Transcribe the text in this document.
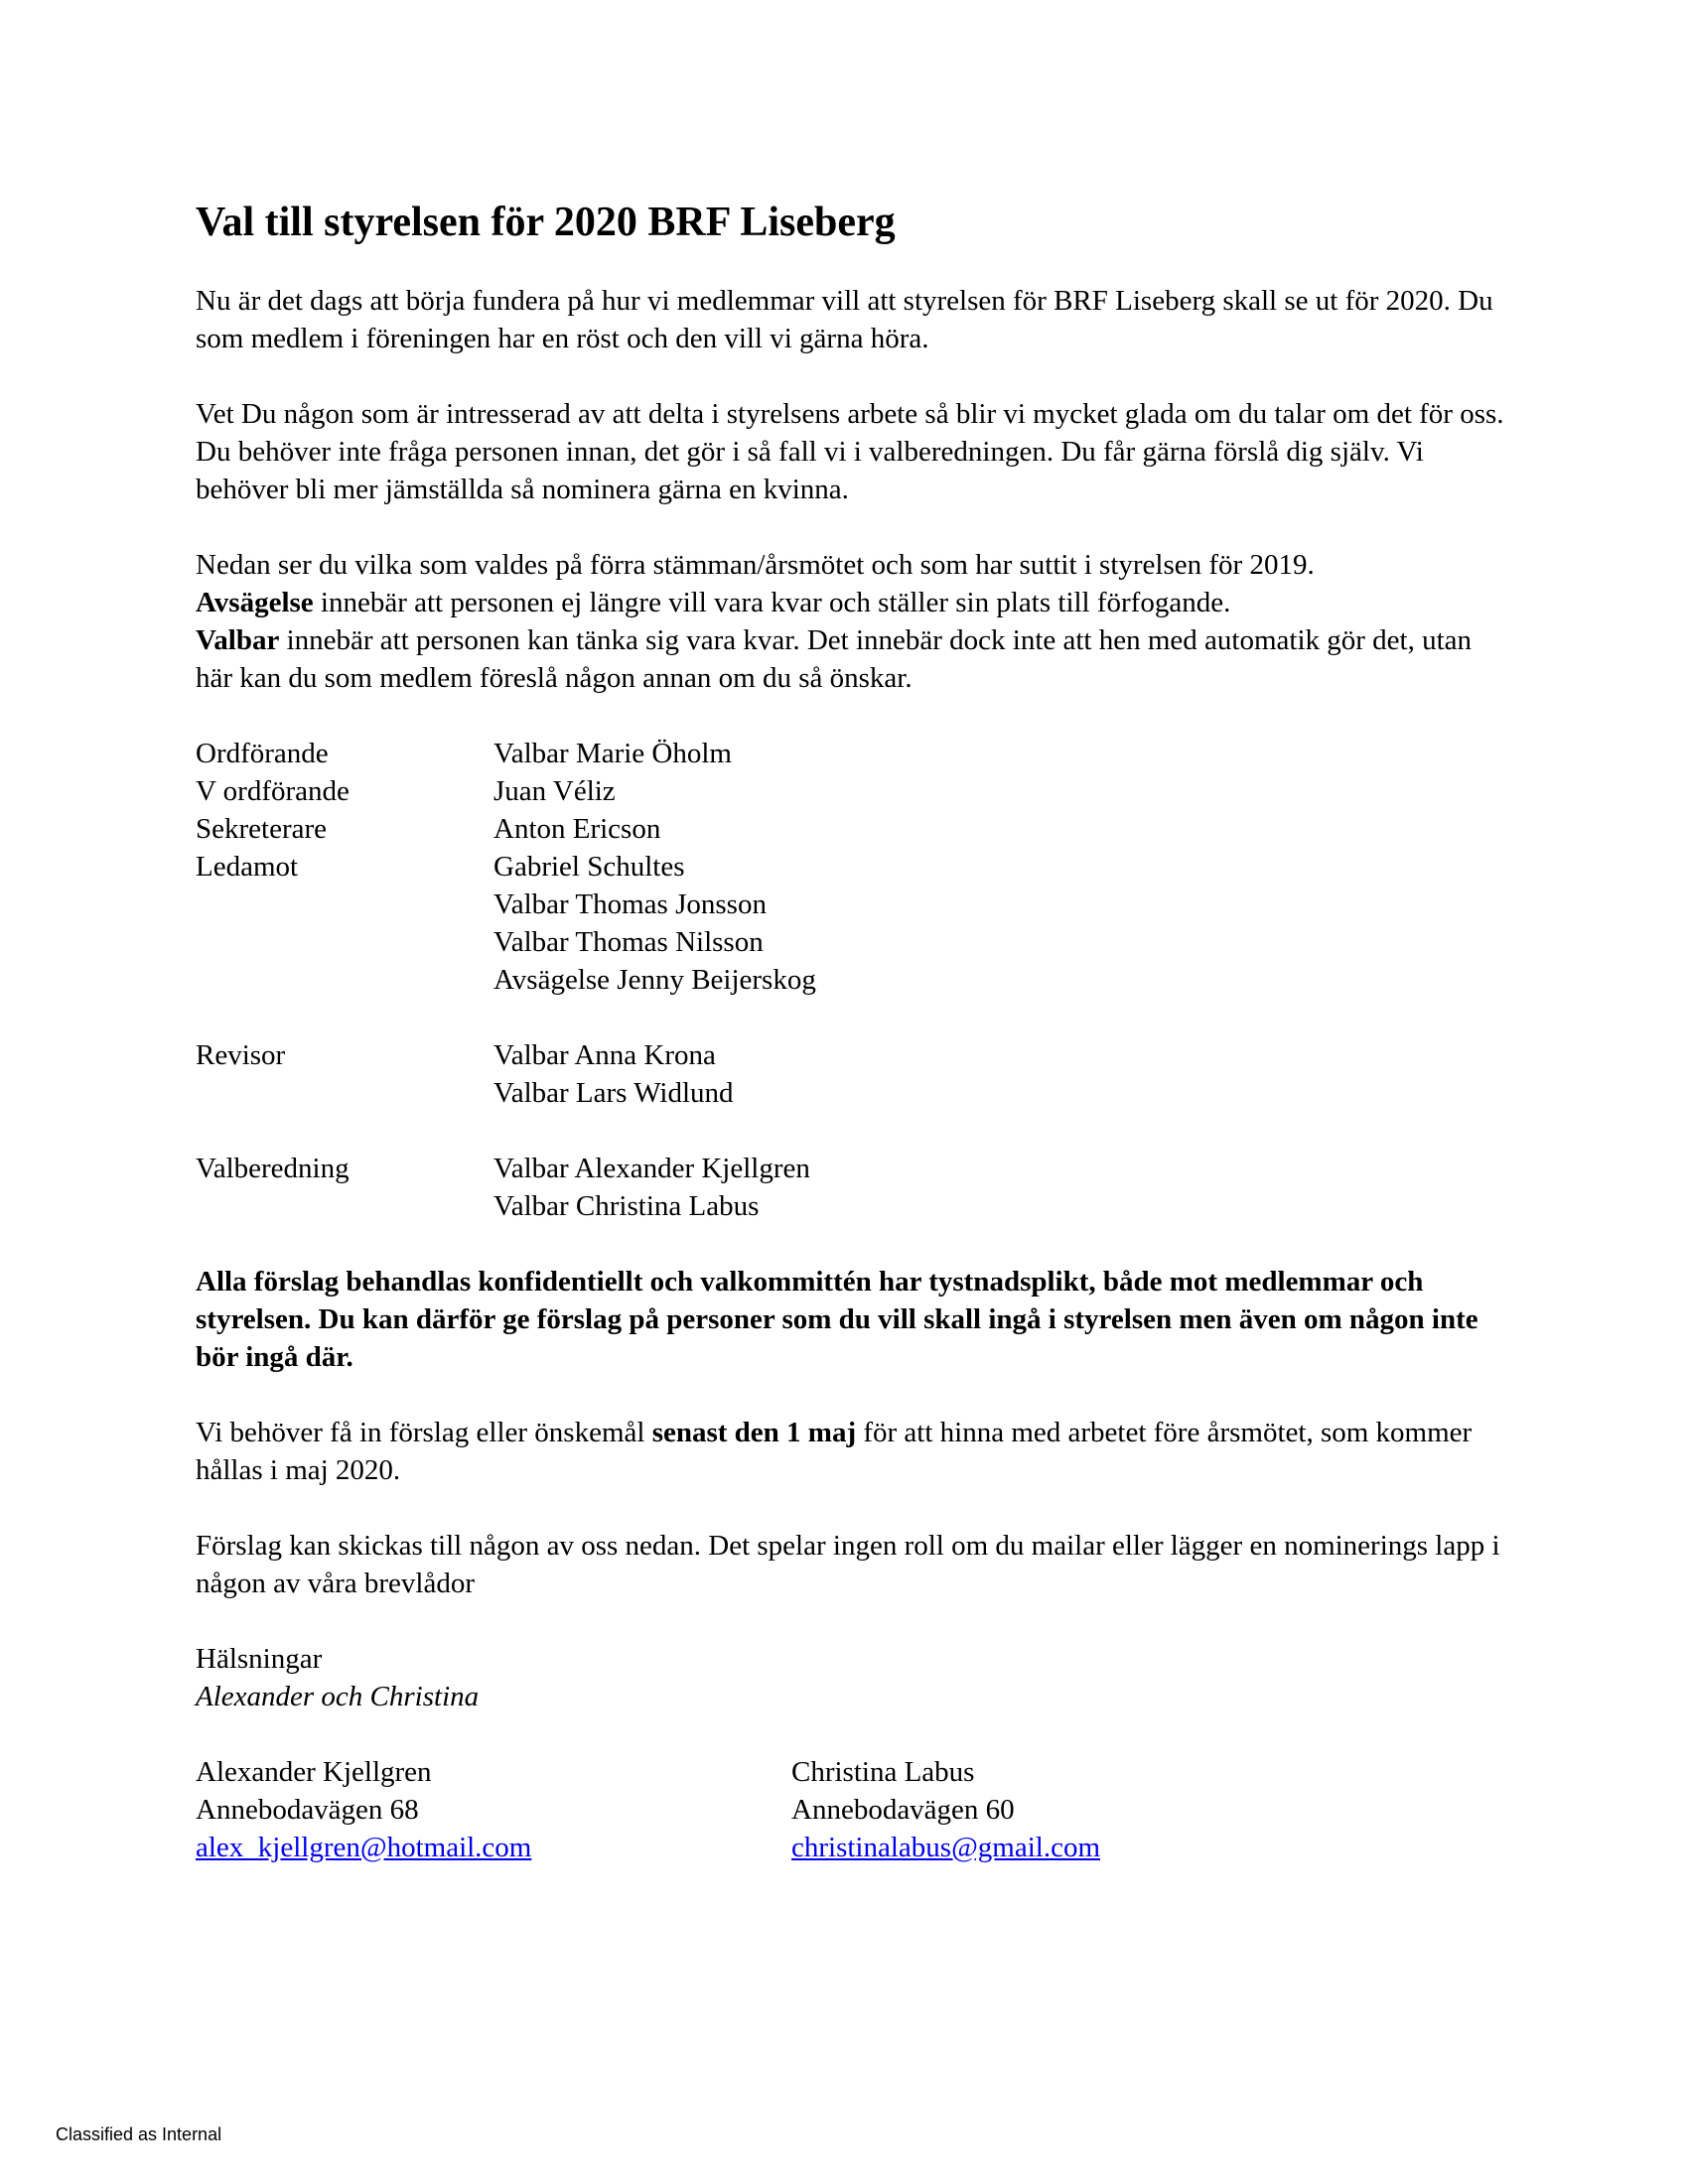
Val till styrelsen för 2020 BRF Liseberg

Nu är det dags att börja fundera på hur vi medlemmar vill att styrelsen för BRF Liseberg skall se ut för 2020. Du som medlem i föreningen har en röst och den vill vi gärna höra.

Vet Du någon som är intresserad av att delta i styrelsens arbete så blir vi mycket glada om du talar om det för oss. Du behöver inte fråga personen innan, det gör i så fall vi i valberedningen. Du får gärna förslå dig själv. Vi behöver bli mer jämställda så nominera gärna en kvinna.

Nedan ser du vilka som valdes på förra stämman/årsmötet och som har suttit i styrelsen för 2019.
Avsägelse innebär att personen ej längre vill vara kvar och ställer sin plats till förfogande.
Valbar innebär att personen kan tänka sig vara kvar. Det innebär dock inte att hen med automatik gör det, utan här kan du som medlem föreslå någon annan om du så önskar.

Ordförande
V ordförande
Sekreterare
Ledamot
Valbar Marie Öholm
Juan Véliz
Anton Ericson
Gabriel Schultes
Valbar Thomas Jonsson
Valbar Thomas Nilsson
Avsägelse Jenny Beijerskog
Revisor	Valbar Anna Krona
Valbar Lars Widlund
Valberedning	Valbar Alexander Kjellgren
Valbar Christina Labus

Alla förslag behandlas konfidentiellt och valkommittén har tystnadsplikt, både mot medlemmar och styrelsen. Du kan därför ge förslag på personer som du vill skall ingå i styrelsen men även om någon inte bör ingå där.

Vi behöver få in förslag eller önskemål senast den 1 maj för att hinna med arbetet före årsmötet, som kommer hållas i maj 2020.

Förslag kan skickas till någon av oss nedan. Det spelar ingen roll om du mailar eller lägger en nominerings lapp i någon av våra brevlådor

Hälsningar
Alexander och Christina
Alexander Kjellgren
Annebodavägen 68
alex_kjellgren@hotmail.com
Christina Labus
Annebodavägen 60
christinalabus@gmail.com
Classified as Internal
